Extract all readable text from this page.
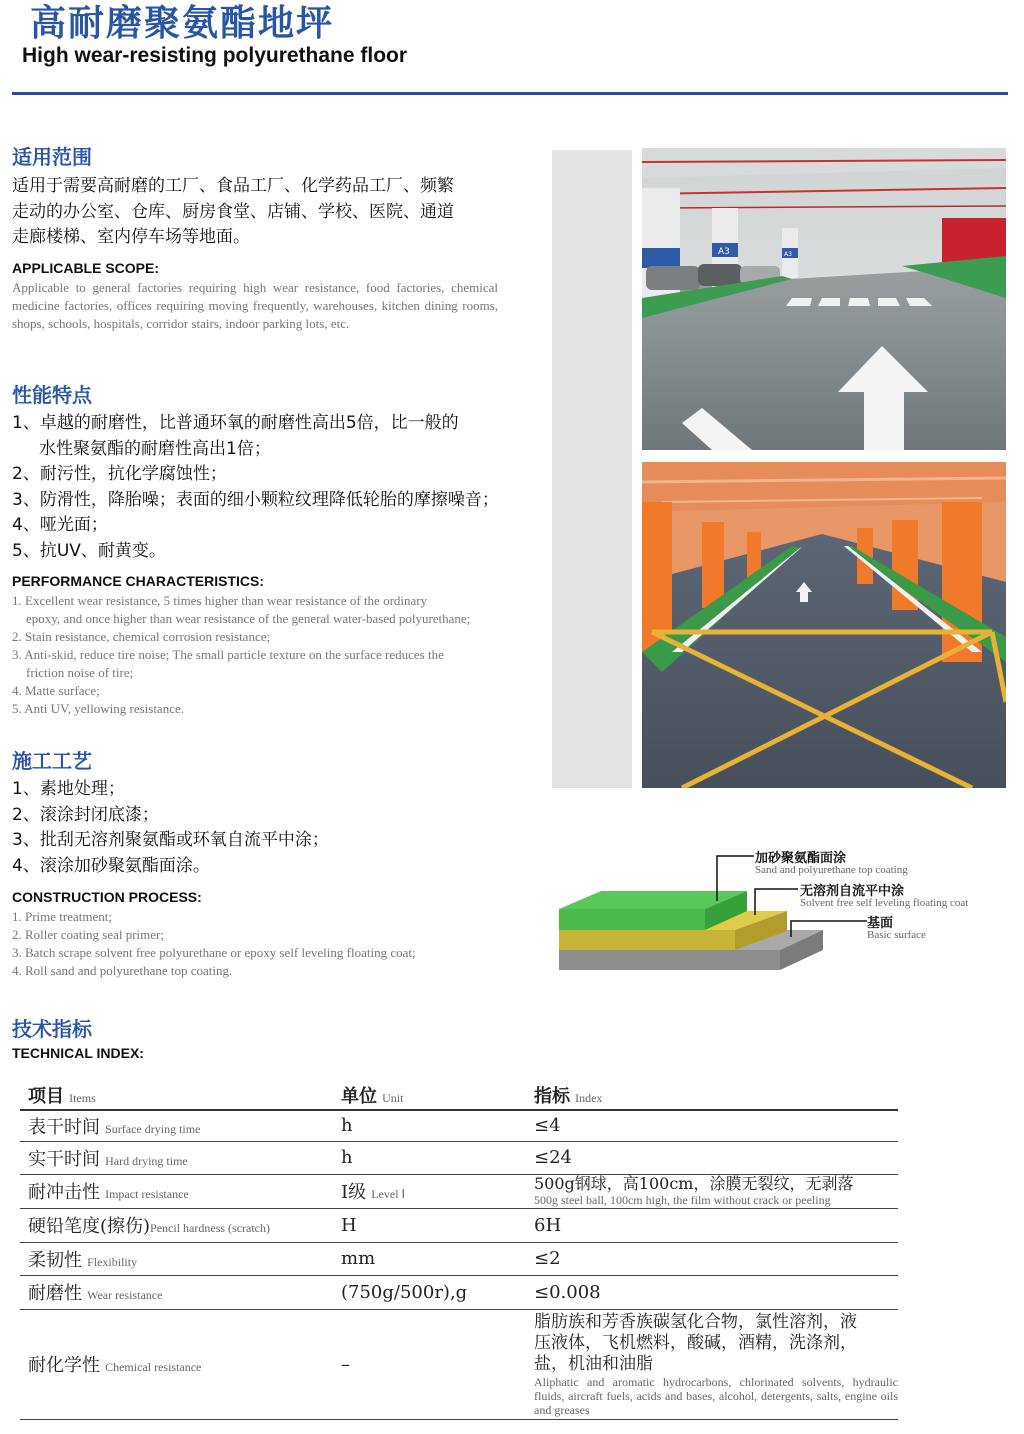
高耐磨聚氨酯地坪
High wear-resisting polyurethane floor
适用范围
适用于需要高耐磨的工厂、食品工厂、化学药品工厂、频繁
走动的办公室、仓库、厨房食堂、店铺、学校、医院、通道
走廊楼梯、室内停车场等地面。
APPLICABLE SCOPE:
Applicable to general factories requiring high wear resistance, food factories, chemical medicine factories, offices requiring moving frequently, warehouses, kitchen dining rooms, shops, schools, hospitals, corridor stairs, indoor parking lots, etc.
性能特点
1、卓越的耐磨性，比普通环氧的耐磨性高出5倍，比一般的
水性聚氨酯的耐磨性高出1倍；
2、耐污性，抗化学腐蚀性；
3、防滑性，降胎噪；表面的细小颗粒纹理降低轮胎的摩擦噪音；
4、哑光面；
5、抗UV、耐黄变。
PERFORMANCE CHARACTERISTICS:
1. Excellent wear resistance, 5 times higher than wear resistance of the ordinary
epoxy, and once higher than wear resistance of the general water-based polyurethane;
2. Stain resistance, chemical corrosion resistance;
3. Anti-skid, reduce tire noise; The small particle texture on the surface reduces the
friction noise of tire;
4. Matte surface;
5. Anti UV, yellowing resistance.
施工工艺
1、素地处理；
2、滚涂封闭底漆；
3、批刮无溶剂聚氨酯或环氧自流平中涂；
4、滚涂加砂聚氨酯面涂。
CONSTRUCTION PROCESS:
1. Prime treatment;
2. Roller coating seal primer;
3. Batch scrape solvent free polyurethane or epoxy self leveling floating coat;
4. Roll sand and polyurethane top coating.
A3	A3
加砂聚氨酯面涂
Sand and polyurethane top coating
无溶剂自流平中涂
Solvent free self leveling floating coat
基面
Basic surface
技术指标
TECHNICAL INDEX:
项目 Items	单位 Unit	指标 Index
表干时间 Surface drying time	h	≤4
实干时间 Hard drying time	h	≤24
耐冲击性 Impact resistance	Ⅰ级 Level Ⅰ	500g钢球，高100cm，涂膜无裂纹，无剥落
500g steel ball, 100cm high, the film without crack or peeling

硬铅笔度(擦伤)Pencil hardness (scratch)	H	6H
柔韧性 Flexibility	mm	≤2
耐磨性 Wear resistance	(750g/500r),g	≤0.008
耐化学性 Chemical resistance	–	脂肪族和芳香族碳氢化合物，氯性溶剂，液
压液体，飞机燃料，酸碱，酒精，洗涤剂，
盐，机油和油脂
Aliphatic and aromatic hydrocarbons, chlorinated solvents, hydraulic fluids, aircraft fuels, acids and bases, alcohol, detergents, salts, engine oils and greases
